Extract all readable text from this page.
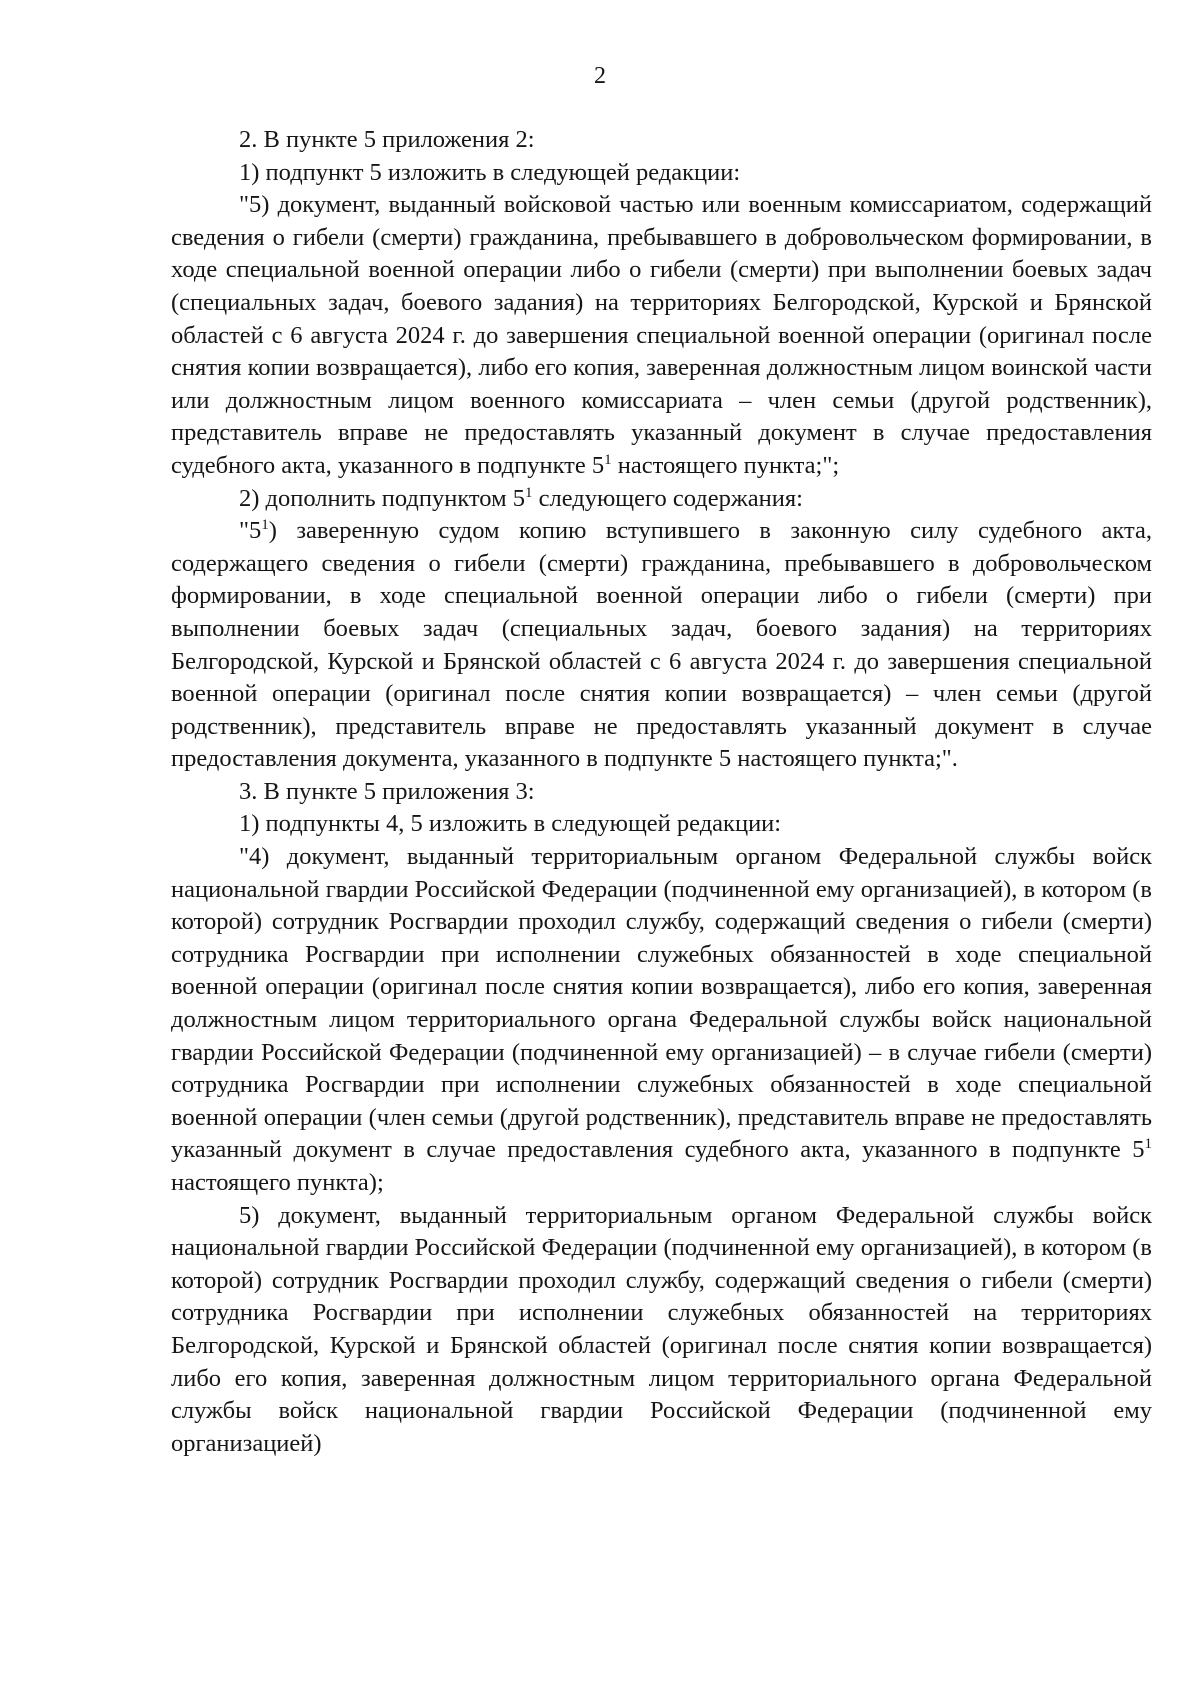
2

2. В пункте 5 приложения 2:

1) подпункт 5 изложить в следующей редакции:

"5) документ, выданный войсковой частью или военным комиссариатом, содержащий сведения о гибели (смерти) гражданина, пребывавшего в добровольческом формировании, в ходе специальной военной операции либо о гибели (смерти) при выполнении боевых задач (специальных задач, боевого задания) на территориях Белгородской, Курской и Брянской областей с 6 августа 2024 г. до завершения специальной военной операции (оригинал после снятия копии возвращается), либо его копия, заверенная должностным лицом воинской части или должностным лицом военного комиссариата – член семьи (другой родственник), представитель вправе не предоставлять указанный документ в случае предоставления судебного акта, указанного в подпункте $5^1$ настоящего пункта;";

2) дополнить подпунктом $5^1$ следующего содержания:

"$5^1$) заверенную судом копию вступившего в законную силу судебного акта, содержащего сведения о гибели (смерти) гражданина, пребывавшего в добровольческом формировании, в ходе специальной военной операции либо о гибели (смерти) при выполнении боевых задач (специальных задач, боевого задания) на территориях Белгородской, Курской и Брянской областей с 6 августа 2024 г. до завершения специальной военной операции (оригинал после снятия копии возвращается) – член семьи (другой родственник), представитель вправе не предоставлять указанный документ в случае предоставления документа, указанного в подпункте 5 настоящего пункта;".

3. В пункте 5 приложения 3:

1) подпункты 4, 5 изложить в следующей редакции:

"4) документ, выданный территориальным органом Федеральной службы войск национальной гвардии Российской Федерации (подчиненной ему организацией), в котором (в которой) сотрудник Росгвардии проходил службу, содержащий сведения о гибели (смерти) сотрудника Росгвардии при исполнении служебных обязанностей в ходе специальной военной операции (оригинал после снятия копии возвращается), либо его копия, заверенная должностным лицом территориального органа Федеральной службы войск национальной гвардии Российской Федерации (подчиненной ему организацией) – в случае гибели (смерти) сотрудника Росгвардии при исполнении служебных обязанностей в ходе специальной военной операции (член семьи (другой родственник), представитель вправе не предоставлять указанный документ в случае предоставления судебного акта, указанного в подпункте $5^1$ настоящего пункта);

5) документ, выданный территориальным органом Федеральной службы войск национальной гвардии Российской Федерации (подчиненной ему организацией), в котором (в которой) сотрудник Росгвардии проходил службу, содержащий сведения о гибели (смерти) сотрудника Росгвардии при исполнении служебных обязанностей на территориях Белгородской, Курской и Брянской областей (оригинал после снятия копии возвращается) либо его копия, заверенная должностным лицом территориального органа Федеральной службы войск национальной гвардии Российской Федерации (подчиненной ему организацией)
